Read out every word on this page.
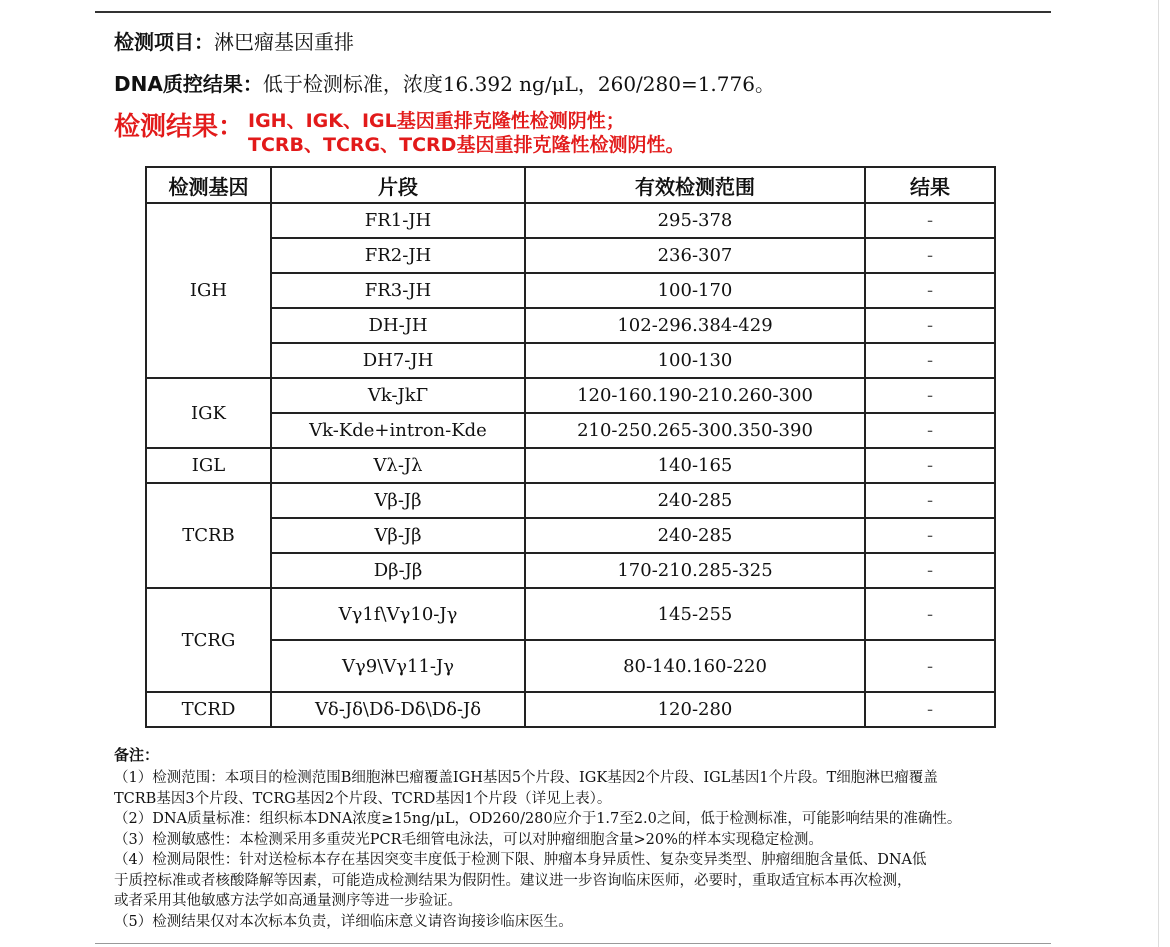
检测项目：淋巴瘤基因重排
DNA质控结果：低于检测标准，浓度16.392 ng/μL，260/280=1.776。
检测结果： IGH、IGK、IGL基因重排克隆性检测阴性；
TCRB、TCRG、TCRD基因重排克隆性检测阴性。
检测基因	片段	有效检测范围	结果
IGH	FR1-JH	295-378	-
	FR2-JH	236-307	-
	FR3-JH	100-170	-
	DH-JH	102-296.384-429	-
	DH7-JH	100-130	-
IGK	Vk-JkΓ	120-160.190-210.260-300	-
	Vk-Kde+intron-Kde	210-250.265-300.350-390	-
IGL	Vλ-Jλ	140-165	-
TCRB	Vβ-Jβ	240-285	-
	Vβ-Jβ	240-285	-
	Dβ-Jβ	170-210.285-325	-
TCRG	Vγ1f\Vγ10-Jγ	145-255	-
	Vγ9\Vγ11-Jγ	80-140.160-220	-
TCRD	Vδ-Jδ\Dδ-Dδ\Dδ-Jδ	120-280	-
备注：

（1）检测范围：本项目的检测范围B细胞淋巴瘤覆盖IGH基因5个片段、IGK基因2个片段、IGL基因1个片段。T细胞淋巴瘤覆盖

TCRB基因3个片段、TCRG基因2个片段、TCRD基因1个片段（详见上表）。

（2）DNA质量标准：组织标本DNA浓度≥15ng/μL，OD260/280应介于1.7至2.0之间，低于检测标准，可能影响结果的准确性。

（3）检测敏感性：本检测采用多重荧光PCR毛细管电泳法，可以对肿瘤细胞含量>20%的样本实现稳定检测。

（4）检测局限性：针对送检标本存在基因突变丰度低于检测下限、肿瘤本身异质性、复杂变异类型、肿瘤细胞含量低、DNA低

于质控标准或者核酸降解等因素，可能造成检测结果为假阴性。建议进一步咨询临床医师，必要时，重取适宜标本再次检测，

或者采用其他敏感方法学如高通量测序等进一步验证。

（5）检测结果仅对本次标本负责，详细临床意义请咨询接诊临床医生。
